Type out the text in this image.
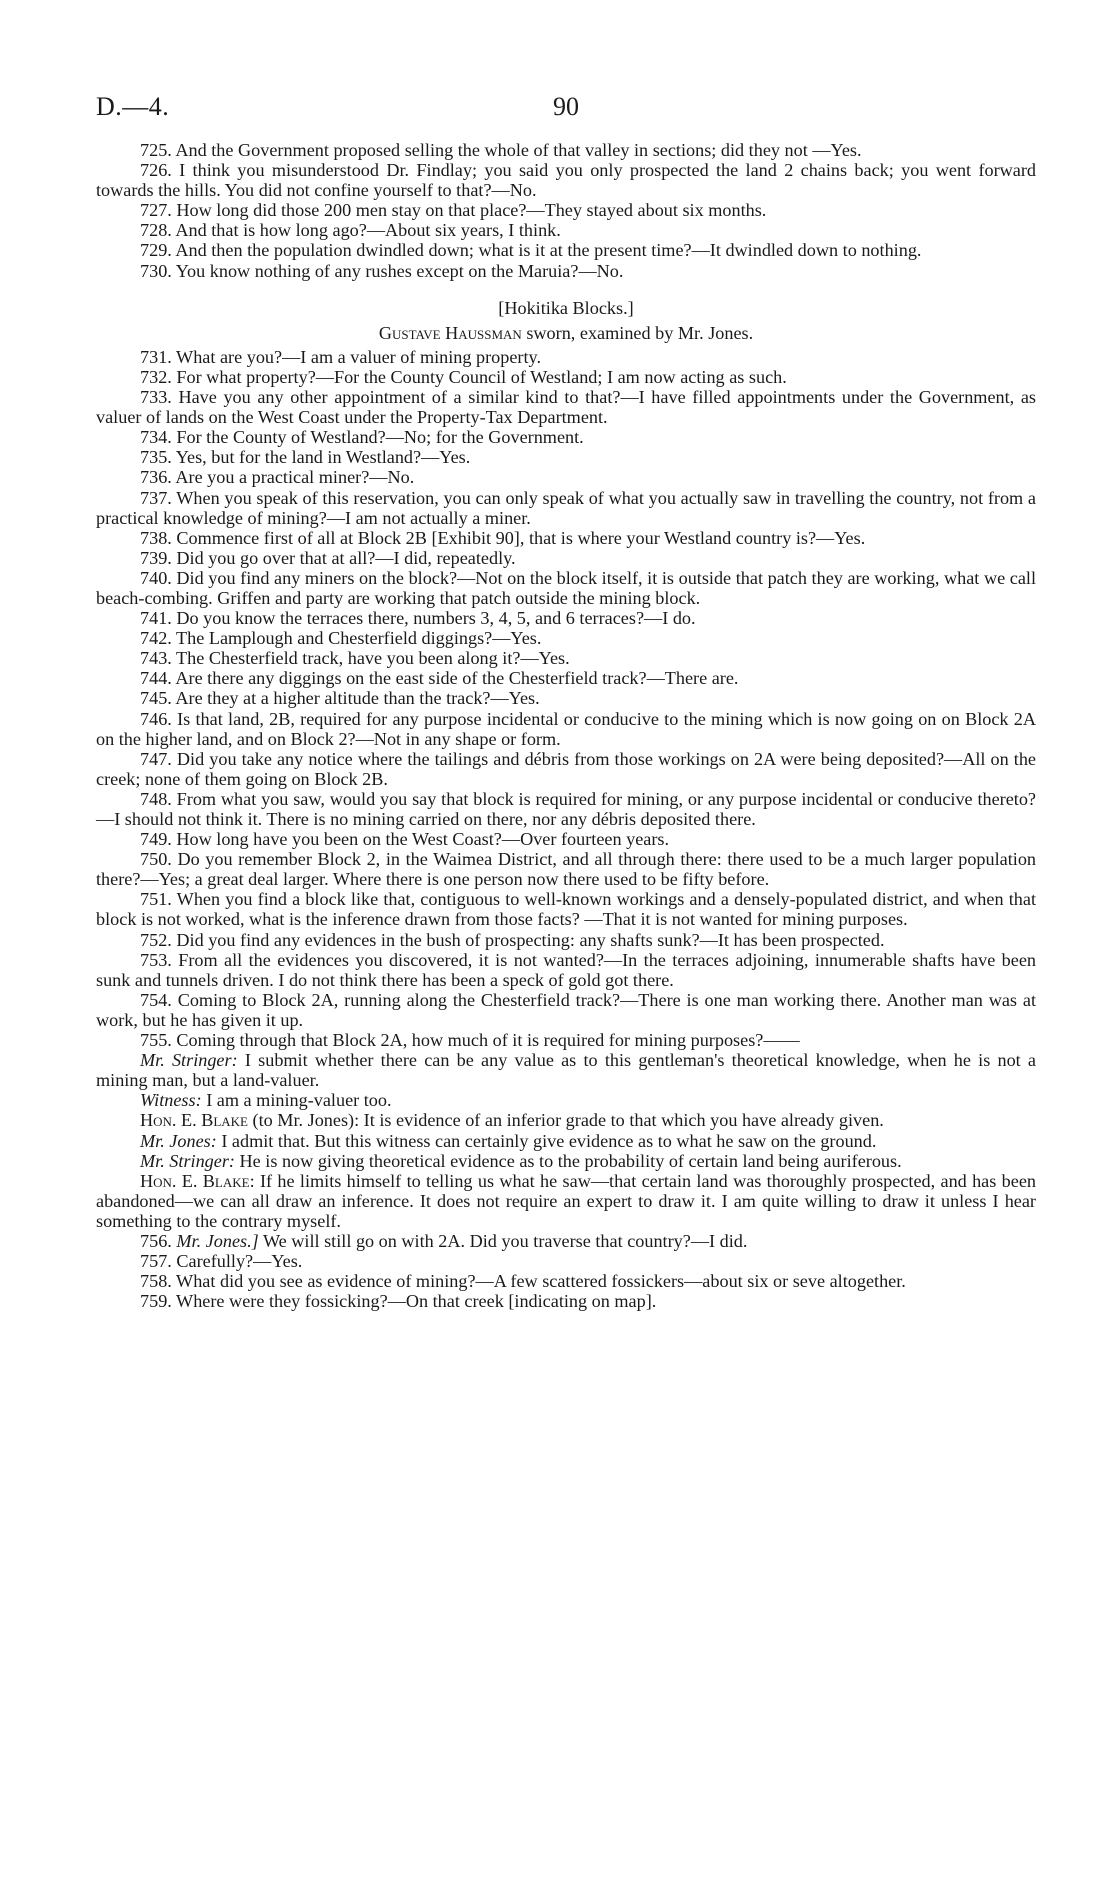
D.—4.	90

725. And the Government proposed selling the whole of that valley in sections; did they not —Yes.

726. I think you misunderstood Dr. Findlay; you said you only prospected the land 2 chains back; you went forward towards the hills. You did not confine yourself to that?—No.

727. How long did those 200 men stay on that place?—They stayed about six months.

728. And that is how long ago?—About six years, I think.

729. And then the population dwindled down; what is it at the present time?—It dwindled down to nothing.

730. You know nothing of any rushes except on the Maruia?—No.

[Hokitika Blocks.]

Gustave Haussman sworn, examined by Mr. Jones.

731. What are you?—I am a valuer of mining property.

732. For what property?—For the County Council of Westland; I am now acting as such.

733. Have you any other appointment of a similar kind to that?—I have filled appointments under the Government, as valuer of lands on the West Coast under the Property-Tax Department.

734. For the County of Westland?—No; for the Government.

735. Yes, but for the land in Westland?—Yes.

736. Are you a practical miner?—No.

737. When you speak of this reservation, you can only speak of what you actually saw in travelling the country, not from a practical knowledge of mining?—I am not actually a miner.

738. Commence first of all at Block 2B [Exhibit 90], that is where your Westland country is?—Yes.

739. Did you go over that at all?—I did, repeatedly.

740. Did you find any miners on the block?—Not on the block itself, it is outside that patch they are working, what we call beach-combing. Griffen and party are working that patch outside the mining block.

741. Do you know the terraces there, numbers 3, 4, 5, and 6 terraces?—I do.

742. The Lamplough and Chesterfield diggings?—Yes.

743. The Chesterfield track, have you been along it?—Yes.

744. Are there any diggings on the east side of the Chesterfield track?—There are.

745. Are they at a higher altitude than the track?—Yes.

746. Is that land, 2B, required for any purpose incidental or conducive to the mining which is now going on on Block 2A on the higher land, and on Block 2?—Not in any shape or form.

747. Did you take any notice where the tailings and débris from those workings on 2A were being deposited?—All on the creek; none of them going on Block 2B.

748. From what you saw, would you say that block is required for mining, or any purpose incidental or conducive thereto?—I should not think it. There is no mining carried on there, nor any débris deposited there.

749. How long have you been on the West Coast?—Over fourteen years.

750. Do you remember Block 2, in the Waimea District, and all through there: there used to be a much larger population there?—Yes; a great deal larger. Where there is one person now there used to be fifty before.

751. When you find a block like that, contiguous to well-known workings and a densely-populated district, and when that block is not worked, what is the inference drawn from those facts? —That it is not wanted for mining purposes.

752. Did you find any evidences in the bush of prospecting: any shafts sunk?—It has been prospected.

753. From all the evidences you discovered, it is not wanted?—In the terraces adjoining, innumerable shafts have been sunk and tunnels driven. I do not think there has been a speck of gold got there.

754. Coming to Block 2A, running along the Chesterfield track?—There is one man working there. Another man was at work, but he has given it up.

755. Coming through that Block 2A, how much of it is required for mining purposes?——

Mr. Stringer: I submit whether there can be any value as to this gentleman's theoretical knowledge, when he is not a mining man, but a land-valuer.

Witness: I am a mining-valuer too.

Hon. E. Blake (to Mr. Jones): It is evidence of an inferior grade to that which you have already given.

Mr. Jones: I admit that. But this witness can certainly give evidence as to what he saw on the ground.

Mr. Stringer: He is now giving theoretical evidence as to the probability of certain land being auriferous.

Hon. E. Blake: If he limits himself to telling us what he saw—that certain land was thoroughly prospected, and has been abandoned—we can all draw an inference. It does not require an expert to draw it. I am quite willing to draw it unless I hear something to the contrary myself.

756. Mr. Jones.] We will still go on with 2A. Did you traverse that country?—I did.

757. Carefully?—Yes.

758. What did you see as evidence of mining?—A few scattered fossickers—about six or seve altogether.

759. Where were they fossicking?—On that creek [indicating on map].
